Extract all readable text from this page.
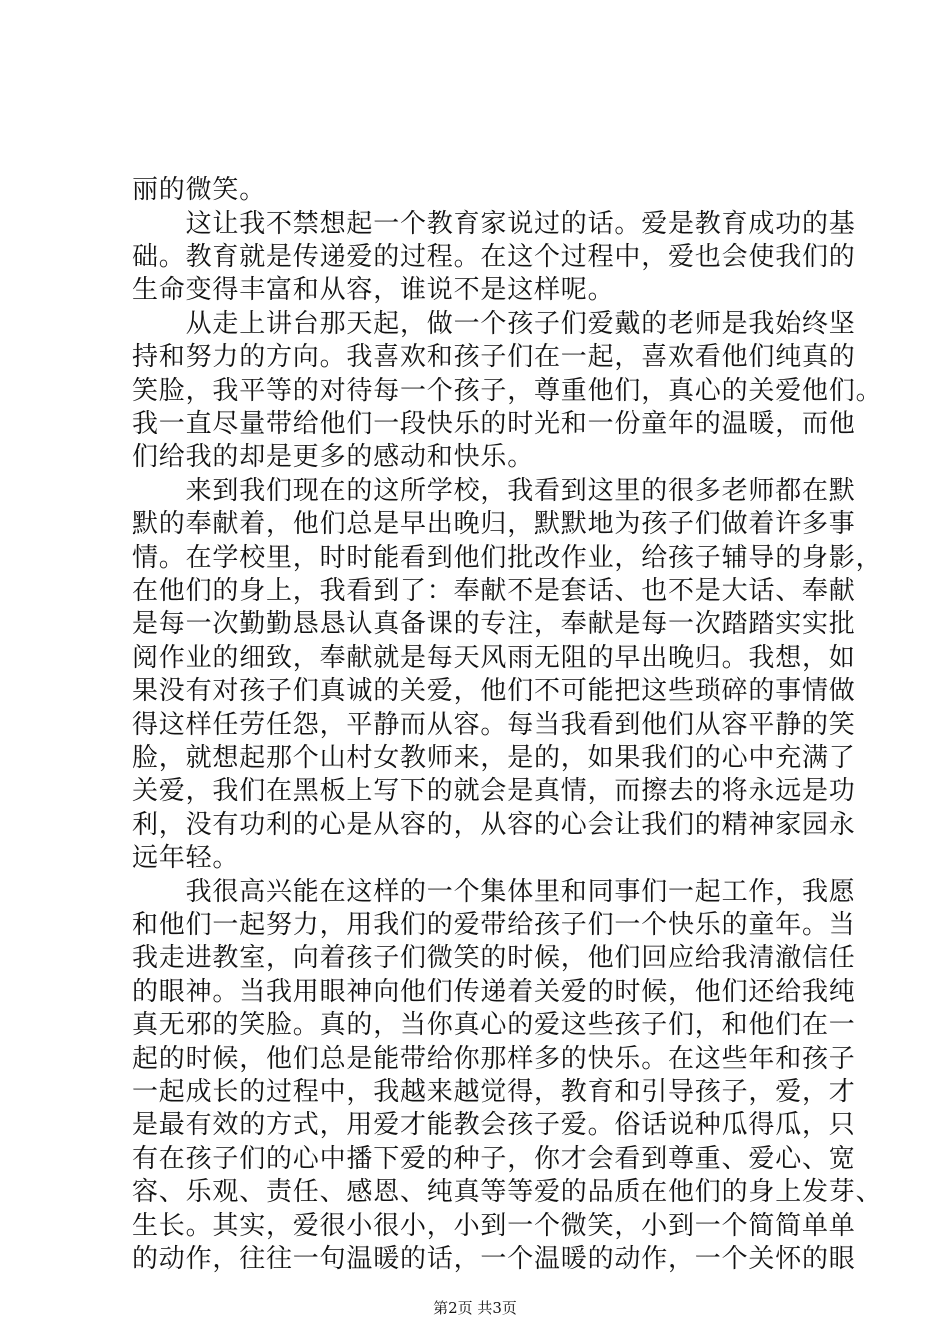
丽的微笑。
　　这让我不禁想起一个教育家说过的话。爱是教育成功的基
础。教育就是传递爱的过程。在这个过程中，爱也会使我们的
生命变得丰富和从容，谁说不是这样呢。
　　从走上讲台那天起，做一个孩子们爱戴的老师是我始终坚
持和努力的方向。我喜欢和孩子们在一起，喜欢看他们纯真的
笑脸，我平等的对待每一个孩子，尊重他们，真心的关爱他们。
我一直尽量带给他们一段快乐的时光和一份童年的温暖，而他
们给我的却是更多的感动和快乐。
　　来到我们现在的这所学校，我看到这里的很多老师都在默
默的奉献着，他们总是早出晚归，默默地为孩子们做着许多事
情。在学校里，时时能看到他们批改作业，给孩子辅导的身影，
在他们的身上，我看到了：奉献不是套话、也不是大话、奉献
是每一次勤勤恳恳认真备课的专注，奉献是每一次踏踏实实批
阅作业的细致，奉献就是每天风雨无阻的早出晚归。我想，如
果没有对孩子们真诚的关爱，他们不可能把这些琐碎的事情做
得这样任劳任怨，平静而从容。每当我看到他们从容平静的笑
脸，就想起那个山村女教师来，是的，如果我们的心中充满了
关爱，我们在黑板上写下的就会是真情，而擦去的将永远是功
利，没有功利的心是从容的，从容的心会让我们的精神家园永
远年轻。
　　我很高兴能在这样的一个集体里和同事们一起工作，我愿
和他们一起努力，用我们的爱带给孩子们一个快乐的童年。当
我走进教室，向着孩子们微笑的时候，他们回应给我清澈信任
的眼神。当我用眼神向他们传递着关爱的时候，他们还给我纯
真无邪的笑脸。真的，当你真心的爱这些孩子们，和他们在一
起的时候，他们总是能带给你那样多的快乐。在这些年和孩子
一起成长的过程中，我越来越觉得，教育和引导孩子，爱，才
是最有效的方式，用爱才能教会孩子爱。俗话说种瓜得瓜，只
有在孩子们的心中播下爱的种子，你才会看到尊重、爱心、宽
容、乐观、责任、感恩、纯真等等爱的品质在他们的身上发芽、
生长。其实，爱很小很小，小到一个微笑，小到一个简简单单
的动作，往往一句温暖的话，一个温暖的动作，一个关怀的眼
第2页 共3页
